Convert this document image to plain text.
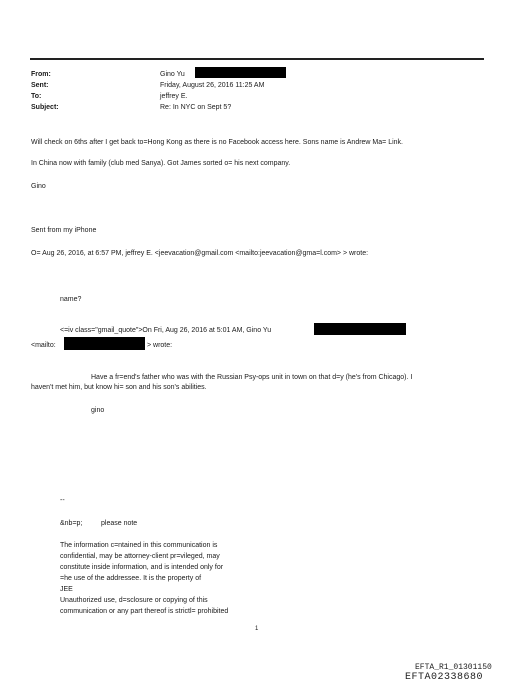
From:	Gino Yu
Sent:	Friday, August 26, 2016 11:25 AM
To:	jeffrey E.
Subject:	Re: In NYC on Sept 5?
Will check on 6ths after I get back to=Hong Kong as there is no Facebook access here. Sons name is Andrew Ma= Link.
In China now with family (club med Sanya). Got James sorted o= his next company.
Gino
Sent from my iPhone
O= Aug 26, 2016, at 6:57 PM, jeffrey E. <jeevacation@gmail.com <mailto:jeevacation@gma=l.com> > wrote:
name?
<=iv class="gmail_quote">On Fri, Aug 26, 2016 at 5:01 AM, Gino Yu
<mailto:	> wrote:
Have a fr=end's father who was with the Russian Psy-ops unit in town on that d=y (he's from Chicago). I
haven't met him, but know hi= son and his son's abilities.
gino
--
&nb=p;	please note
The information c=ntained in this communication is
confidential, may be attorney-client pr=vileged, may
constitute inside information, and is intended only for
=he use of the addressee. It is the property of
JEE
Unauthorized use, d=sclosure or copying of this
communication or any part thereof is strictl= prohibited
1
EFTA_R1_01301150
EFTA02338680
